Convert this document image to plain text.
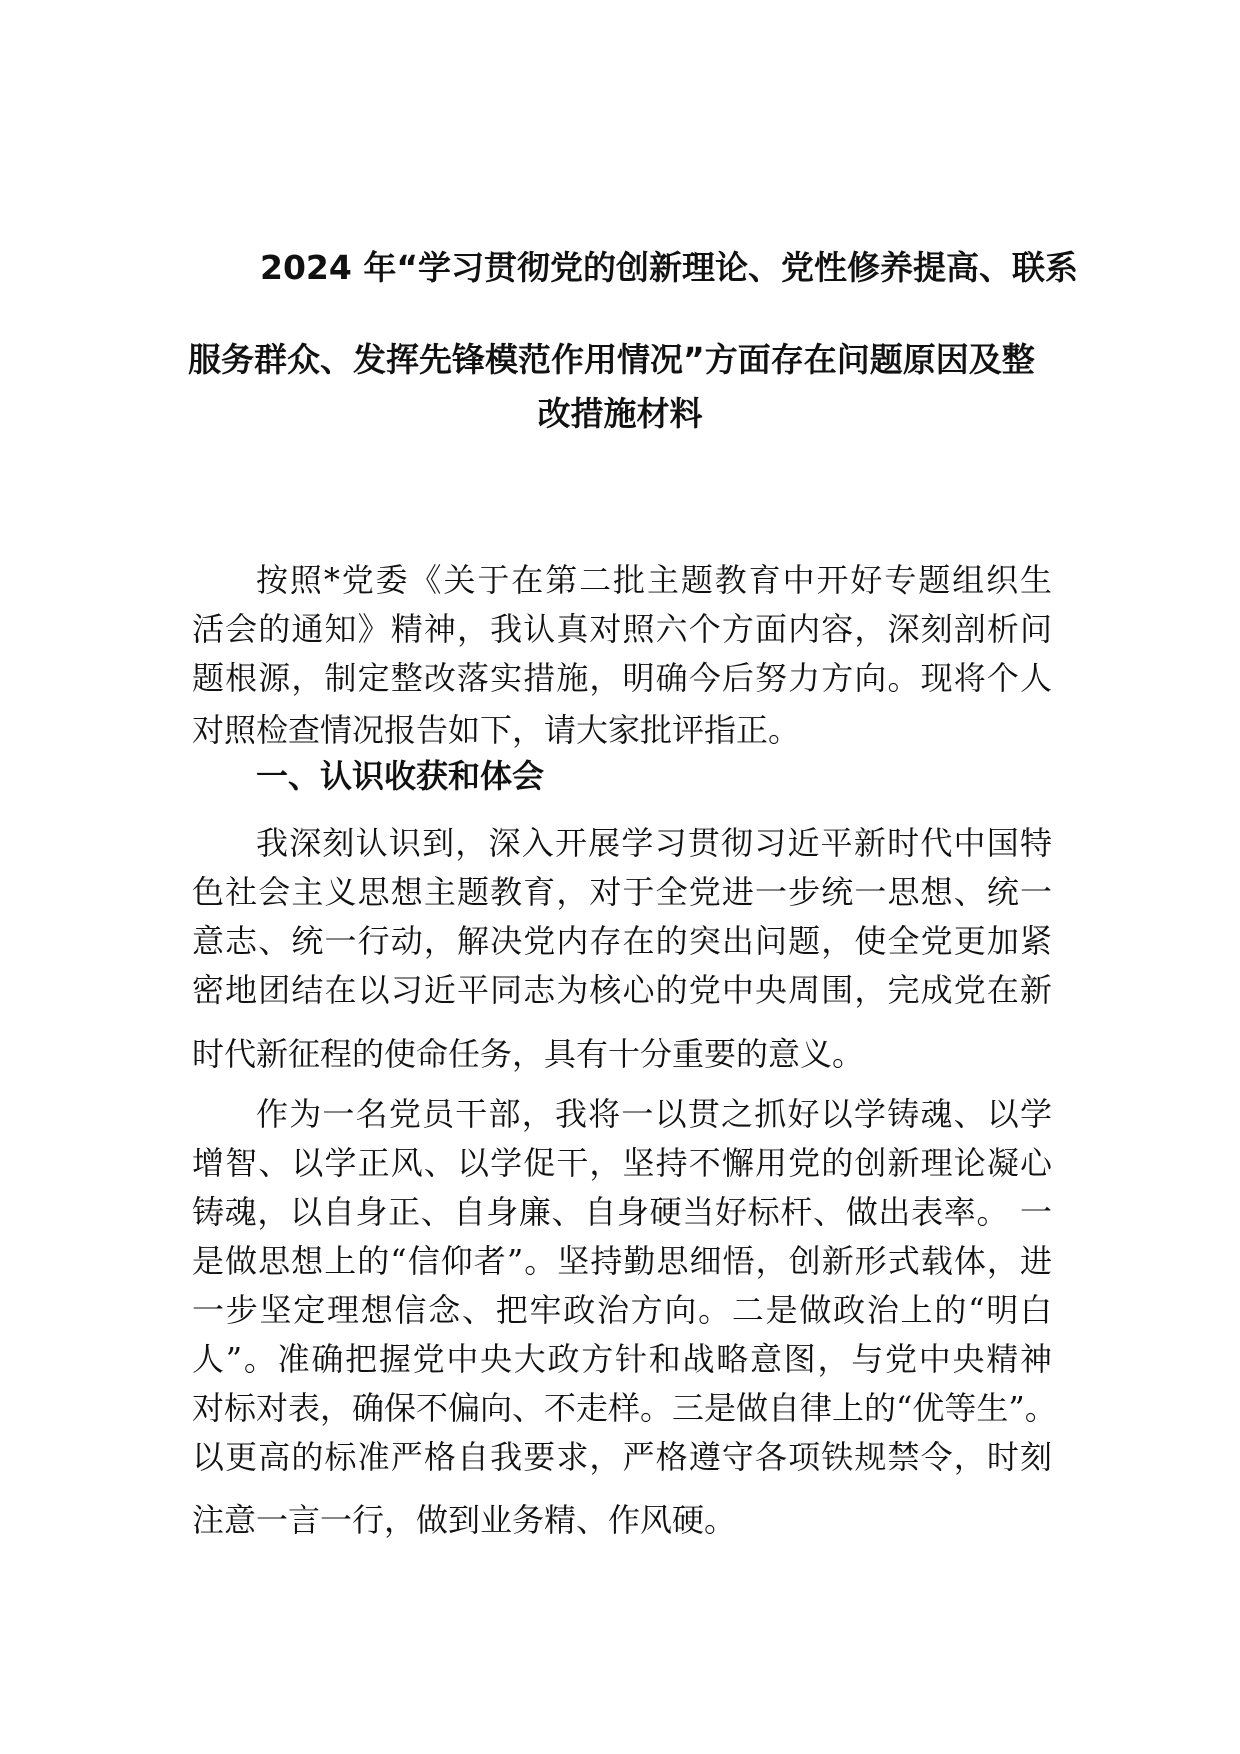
2024 年“学习贯彻党的创新理论、党性修养提高、联系
服务群众、发挥先锋模范作用情况”方面存在问题原因及整
改措施材料
按照*党委《关于在第二批主题教育中开好专题组织生
活会的通知》精神，我认真对照六个方面内容，深刻剖析问
题根源，制定整改落实措施，明确今后努力方向。现将个人
对照检查情况报告如下，请大家批评指正。
一、认识收获和体会
我深刻认识到，深入开展学习贯彻习近平新时代中国特
色社会主义思想主题教育，对于全党进一步统一思想、统一
意志、统一行动，解决党内存在的突出问题，使全党更加紧
密地团结在以习近平同志为核心的党中央周围，完成党在新
时代新征程的使命任务，具有十分重要的意义。
作为一名党员干部，我将一以贯之抓好以学铸魂、以学
增智、以学正风、以学促干，坚持不懈用党的创新理论凝心
铸魂，以自身正、自身廉、自身硬当好标杆、做出表率。 一
是做思想上的“信仰者”。坚持勤思细悟，创新形式载体，进
一步坚定理想信念、把牢政治方向。二是做政治上的“明白
人”。准确把握党中央大政方针和战略意图，与党中央精神
对标对表，确保不偏向、不走样。三是做自律上的“优等生”。
以更高的标准严格自我要求，严格遵守各项铁规禁令，时刻
注意一言一行，做到业务精、作风硬。
